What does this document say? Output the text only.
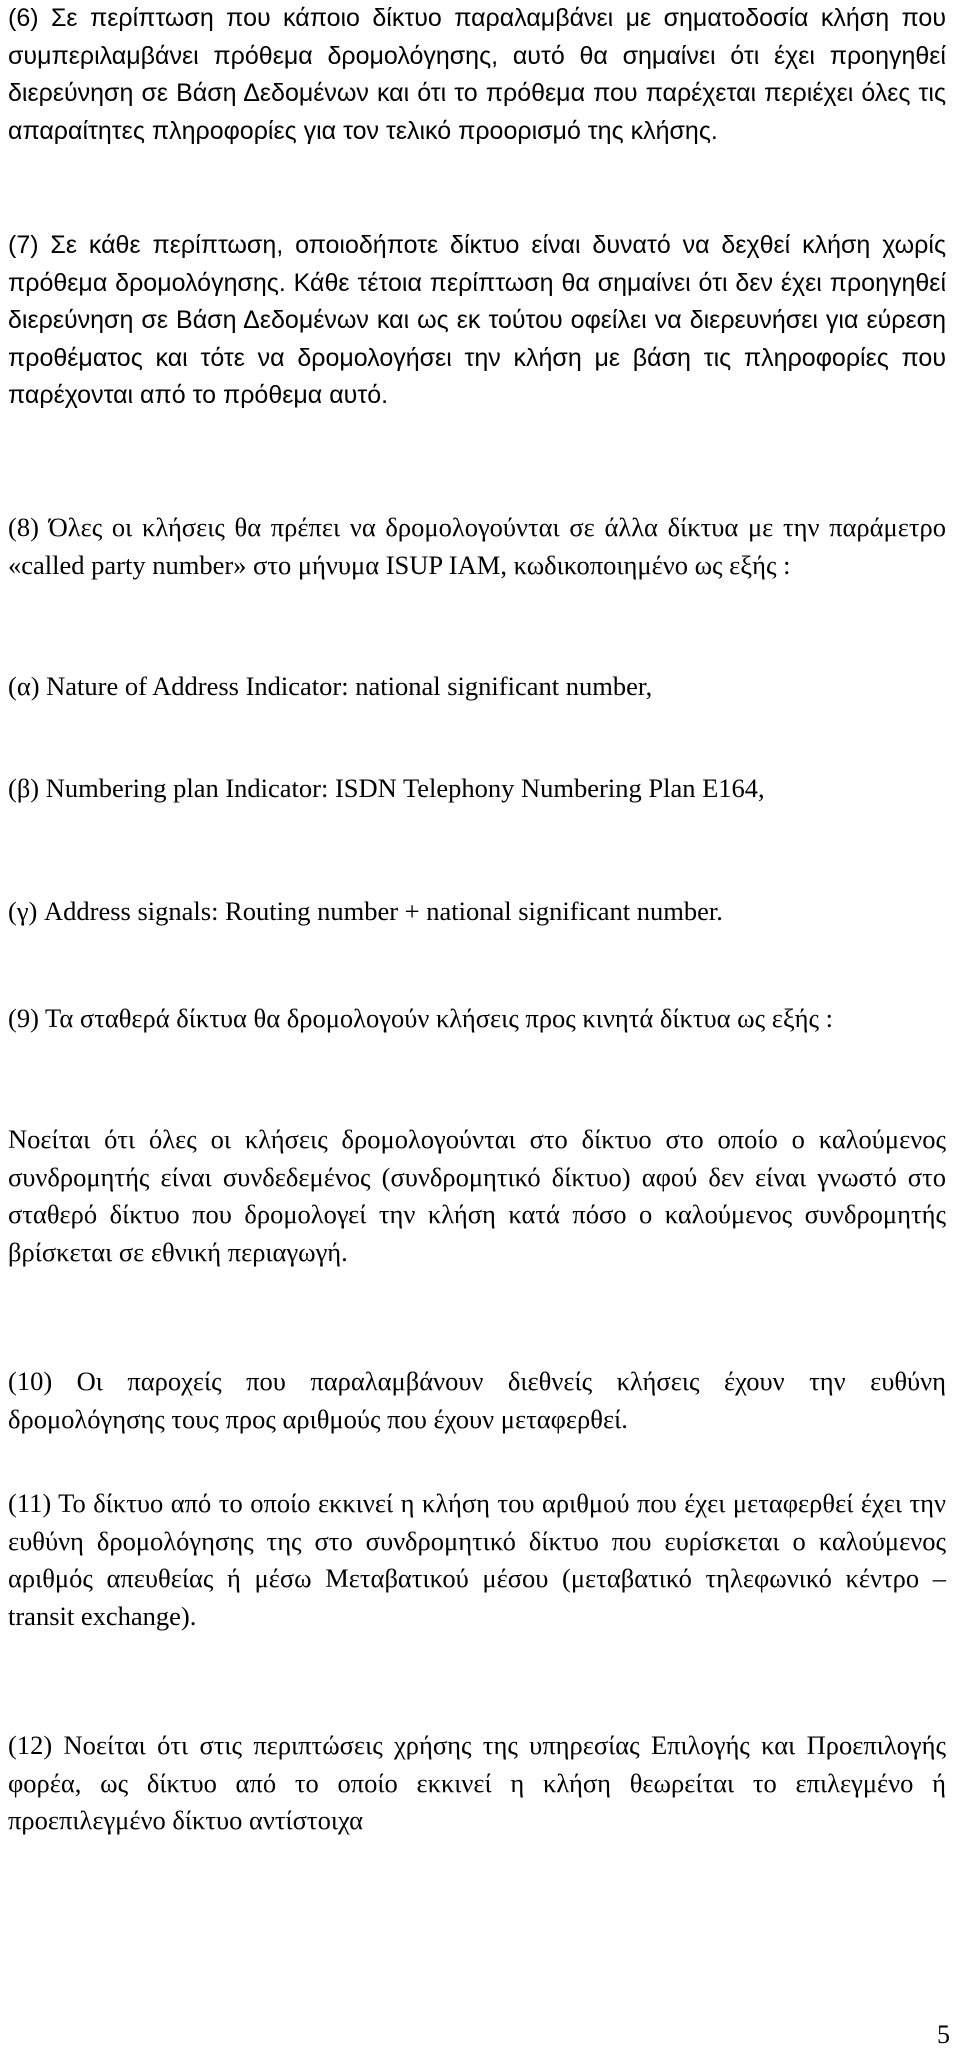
(6) Σε περίπτωση που κάποιο δίκτυο παραλαμβάνει με σηματοδοσία κλήση που συμπεριλαμβάνει πρόθεμα δρομολόγησης, αυτό θα σημαίνει ότι έχει προηγηθεί διερεύνηση σε Βάση Δεδομένων και ότι το πρόθεμα που παρέχεται περιέχει όλες τις απαραίτητες πληροφορίες για τον τελικό προορισμό της κλήσης.

(7) Σε κάθε περίπτωση, οποιοδήποτε δίκτυο είναι δυνατό να δεχθεί κλήση χωρίς πρόθεμα δρομολόγησης. Κάθε τέτοια περίπτωση θα σημαίνει ότι δεν έχει προηγηθεί διερεύνηση σε Βάση Δεδομένων και ως εκ τούτου οφείλει να διερευνήσει για εύρεση προθέματος και τότε να δρομολογήσει την κλήση με βάση τις πληροφορίες που παρέχονται από το πρόθεμα αυτό.

(8) Όλες οι κλήσεις θα πρέπει να δρομολογούνται σε άλλα δίκτυα με την παράμετρο «called party number» στο μήνυμα ISUP IAM, κωδικοποιημένο ως εξής :

(α) Nature of Address Indicator: national significant number,

(β) Numbering plan Indicator: ISDN Telephony Numbering Plan E164,

(γ) Address signals: Routing number + national significant number.

(9) Τα σταθερά δίκτυα θα δρομολογούν κλήσεις προς κινητά δίκτυα ως εξής :

Νοείται ότι όλες οι κλήσεις δρομολογούνται στο δίκτυο στο οποίο ο καλούμενος συνδρομητής είναι συνδεδεμένος (συνδρομητικό δίκτυο) αφού δεν είναι γνωστό στο σταθερό δίκτυο που δρομολογεί την κλήση κατά πόσο ο καλούμενος συνδρομητής βρίσκεται σε εθνική περιαγωγή.

(10) Οι παροχείς που παραλαμβάνουν διεθνείς κλήσεις έχουν την ευθύνη δρομολόγησης τους προς αριθμούς που έχουν μεταφερθεί.

(11) Το δίκτυο από το οποίο εκκινεί η κλήση του αριθμού που έχει μεταφερθεί έχει την ευθύνη δρομολόγησης της στο συνδρομητικό δίκτυο που ευρίσκεται ο καλούμενος αριθμός απευθείας ή μέσω Μεταβατικού μέσου (μεταβατικό τηλεφωνικό κέντρο – transit exchange).

(12) Νοείται ότι στις περιπτώσεις χρήσης της υπηρεσίας Επιλογής και Προεπιλογής φορέα, ως δίκτυο από το οποίο εκκινεί η κλήση θεωρείται το επιλεγμένο ή προεπιλεγμένο δίκτυο αντίστοιχα

5
